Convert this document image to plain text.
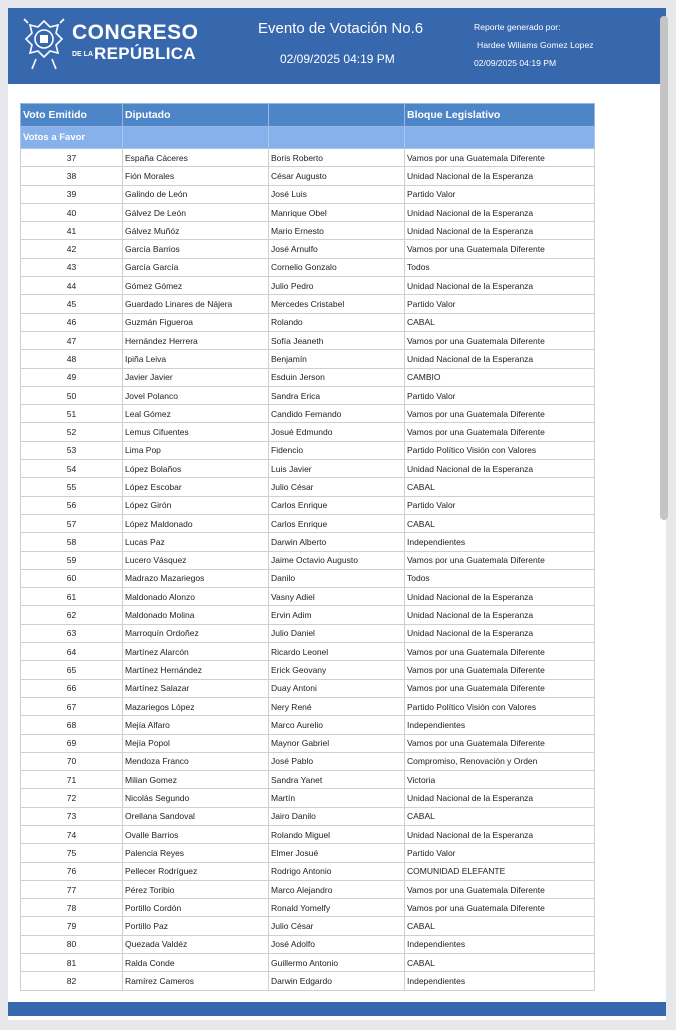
CONGRESO
DE LAREPÚBLICA
Evento de Votación No.6
02/09/2025 04:19 PM
Reporte generado por:
Hardee Wiliams Gomez Lopez
02/09/2025 04:19 PM
Voto Emitido	Diputado		Bloque Legislativo
Votos a Favor			
37	España Cáceres	Boris Roberto	Vamos por una Guatemala Diferente
38	Fión Morales	César Augusto	Unidad Nacional de la Esperanza
39	Galindo de León	José Luis	Partido Valor
40	Gálvez De León	Manrique Obel	Unidad Nacional de la Esperanza
41	Gálvez Muñóz	Mario Ernesto	Unidad Nacional de la Esperanza
42	García Barrios	José Arnulfo	Vamos por una Guatemala Diferente
43	García García	Cornelio Gonzalo	Todos
44	Gómez Gómez	Julio Pedro	Unidad Nacional de la Esperanza
45	Guardado Linares de Nájera	Mercedes Cristabel	Partido Valor
46	Guzmán Figueroa	Rolando	CABAL
47	Hernández Herrera	Sofía Jeaneth	Vamos por una Guatemala Diferente
48	Ipiña Leiva	Benjamín	Unidad Nacional de la Esperanza
49	Javier Javier	Esduin Jerson	CAMBIO
50	Jovel Polanco	Sandra Erica	Partido Valor
51	Leal Gómez	Candido Fernando	Vamos por una Guatemala Diferente
52	Lemus Cifuentes	Josué Edmundo	Vamos por una Guatemala Diferente
53	Lima Pop	Fidencio	Partido Político Visión con Valores
54	López Bolaños	Luis Javier	Unidad Nacional de la Esperanza
55	López Escobar	Julio César	CABAL
56	López Girón	Carlos Enrique	Partido Valor
57	López Maldonado	Carlos Enrique	CABAL
58	Lucas Paz	Darwin Alberto	Independientes
59	Lucero Vásquez	Jaime Octavio Augusto	Vamos por una Guatemala Diferente
60	Madrazo Mazariegos	Danilo	Todos
61	Maldonado Alonzo	Vasny Adiel	Unidad Nacional de la Esperanza
62	Maldonado Molina	Ervin Adim	Unidad Nacional de la Esperanza
63	Marroquín Ordoñez	Julio Daniel	Unidad Nacional de la Esperanza
64	Martínez Alarcón	Ricardo Leonel	Vamos por una Guatemala Diferente
65	Martínez Hernández	Erick Geovany	Vamos por una Guatemala Diferente
66	Martínez Salazar	Duay Antoni	Vamos por una Guatemala Diferente
67	Mazariegos López	Nery René	Partido Político Visión con Valores
68	Mejía Alfaro	Marco Aurelio	Independientes
69	Mejía Popol	Maynor Gabriel	Vamos por una Guatemala Diferente
70	Mendoza Franco	José Pablo	Compromiso, Renovación y Orden
71	Milian Gomez	Sandra Yanet	Victoria
72	Nicolás Segundo	Martín	Unidad Nacional de la Esperanza
73	Orellana Sandoval	Jairo Danilo	CABAL
74	Ovalle Barrios	Rolando Miguel	Unidad Nacional de la Esperanza
75	Palencia Reyes	Elmer Josué	Partido Valor
76	Pellecer Rodríguez	Rodrigo Antonio	COMUNIDAD ELEFANTE
77	Pérez Toribio	Marco Alejandro	Vamos por una Guatemala Diferente
78	Portillo Cordón	Ronald Yomelfy	Vamos por una Guatemala Diferente
79	Portillo Paz	Julio César	CABAL
80	Quezada Valdéz	José Adolfo	Independientes
81	Ralda Conde	Guillermo Antonio	CABAL
82	Ramírez Cameros	Darwin Edgardo	Independientes
